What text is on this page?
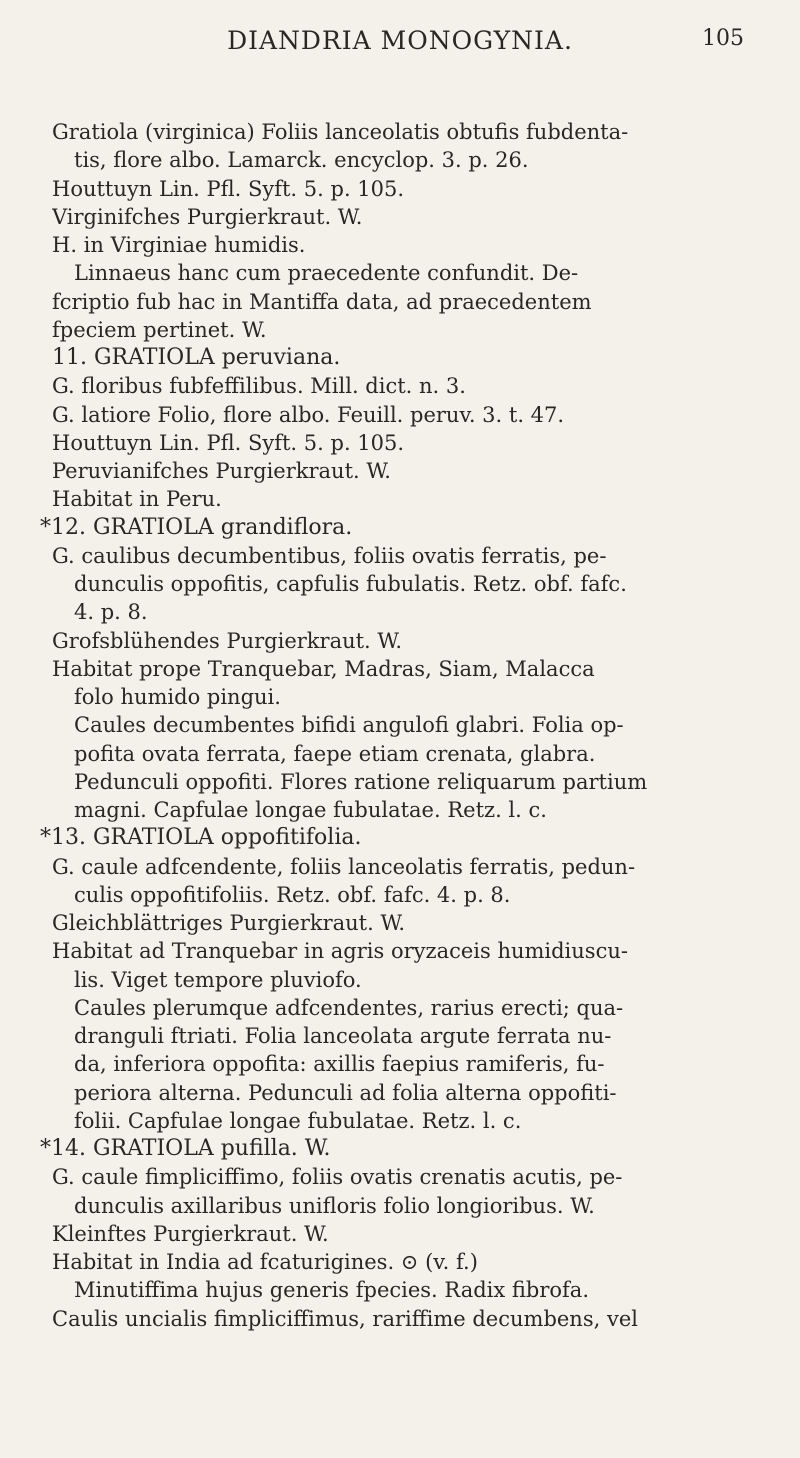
DIANDRIA MONOGYNIA.	105
Gratiola (virginica) Foliis lanceolatis obtufis fubdenta-
tis, flore albo. Lamarck. encyclop. 3. p. 26.
Houttuyn Lin. Pfl. Syft. 5. p. 105.
Virginifches Purgierkraut. W.
H. in Virginiae humidis.
Linnaeus hanc cum praecedente confundit. De-
fcriptio fub hac in Mantiffa data, ad praecedentem
fpeciem pertinet. W.
11. GRATIOLA peruviana.
G. floribus fubfeffilibus. Mill. dict. n. 3.
G. latiore Folio, flore albo. Feuill. peruv. 3. t. 47.
Houttuyn Lin. Pfl. Syft. 5. p. 105.
Peruvianifches Purgierkraut. W.
Habitat in Peru.
*12. GRATIOLA grandiflora.
G. caulibus decumbentibus, foliis ovatis ferratis, pe-
dunculis oppofitis, capfulis fubulatis. Retz. obf. fafc.
4. p. 8.
Grofsblühendes Purgierkraut. W.
Habitat prope Tranquebar, Madras, Siam, Malacca
folo humido pingui.
Caules decumbentes bifidi angulofi glabri. Folia op-
pofita ovata ferrata, faepe etiam crenata, glabra.
Pedunculi oppofiti. Flores ratione reliquarum partium
magni. Capfulae longae fubulatae. Retz. l. c.
*13. GRATIOLA oppofitifolia.
G. caule adfcendente, foliis lanceolatis ferratis, pedun-
culis oppofitifoliis. Retz. obf. fafc. 4. p. 8.
Gleichblättriges Purgierkraut. W.
Habitat ad Tranquebar in agris oryzaceis humidiuscu-
lis. Viget tempore pluviofo.
Caules plerumque adfcendentes, rarius erecti; qua-
dranguli ftriati. Folia lanceolata argute ferrata nu-
da, inferiora oppofita: axillis faepius ramiferis, fu-
periora alterna. Pedunculi ad folia alterna oppofiti-
folii. Capfulae longae fubulatae. Retz. l. c.
*14. GRATIOLA pufilla. W.
G. caule fimpliciffimo, foliis ovatis crenatis acutis, pe-
dunculis axillaribus unifloris folio longioribus. W.
Kleinftes Purgierkraut. W.
Habitat in India ad fcaturigines. ⊙ (v. f.)
Minutiffima hujus generis fpecies. Radix fibrofa.
Caulis uncialis fimpliciffimus, rariffime decumbens, vel
